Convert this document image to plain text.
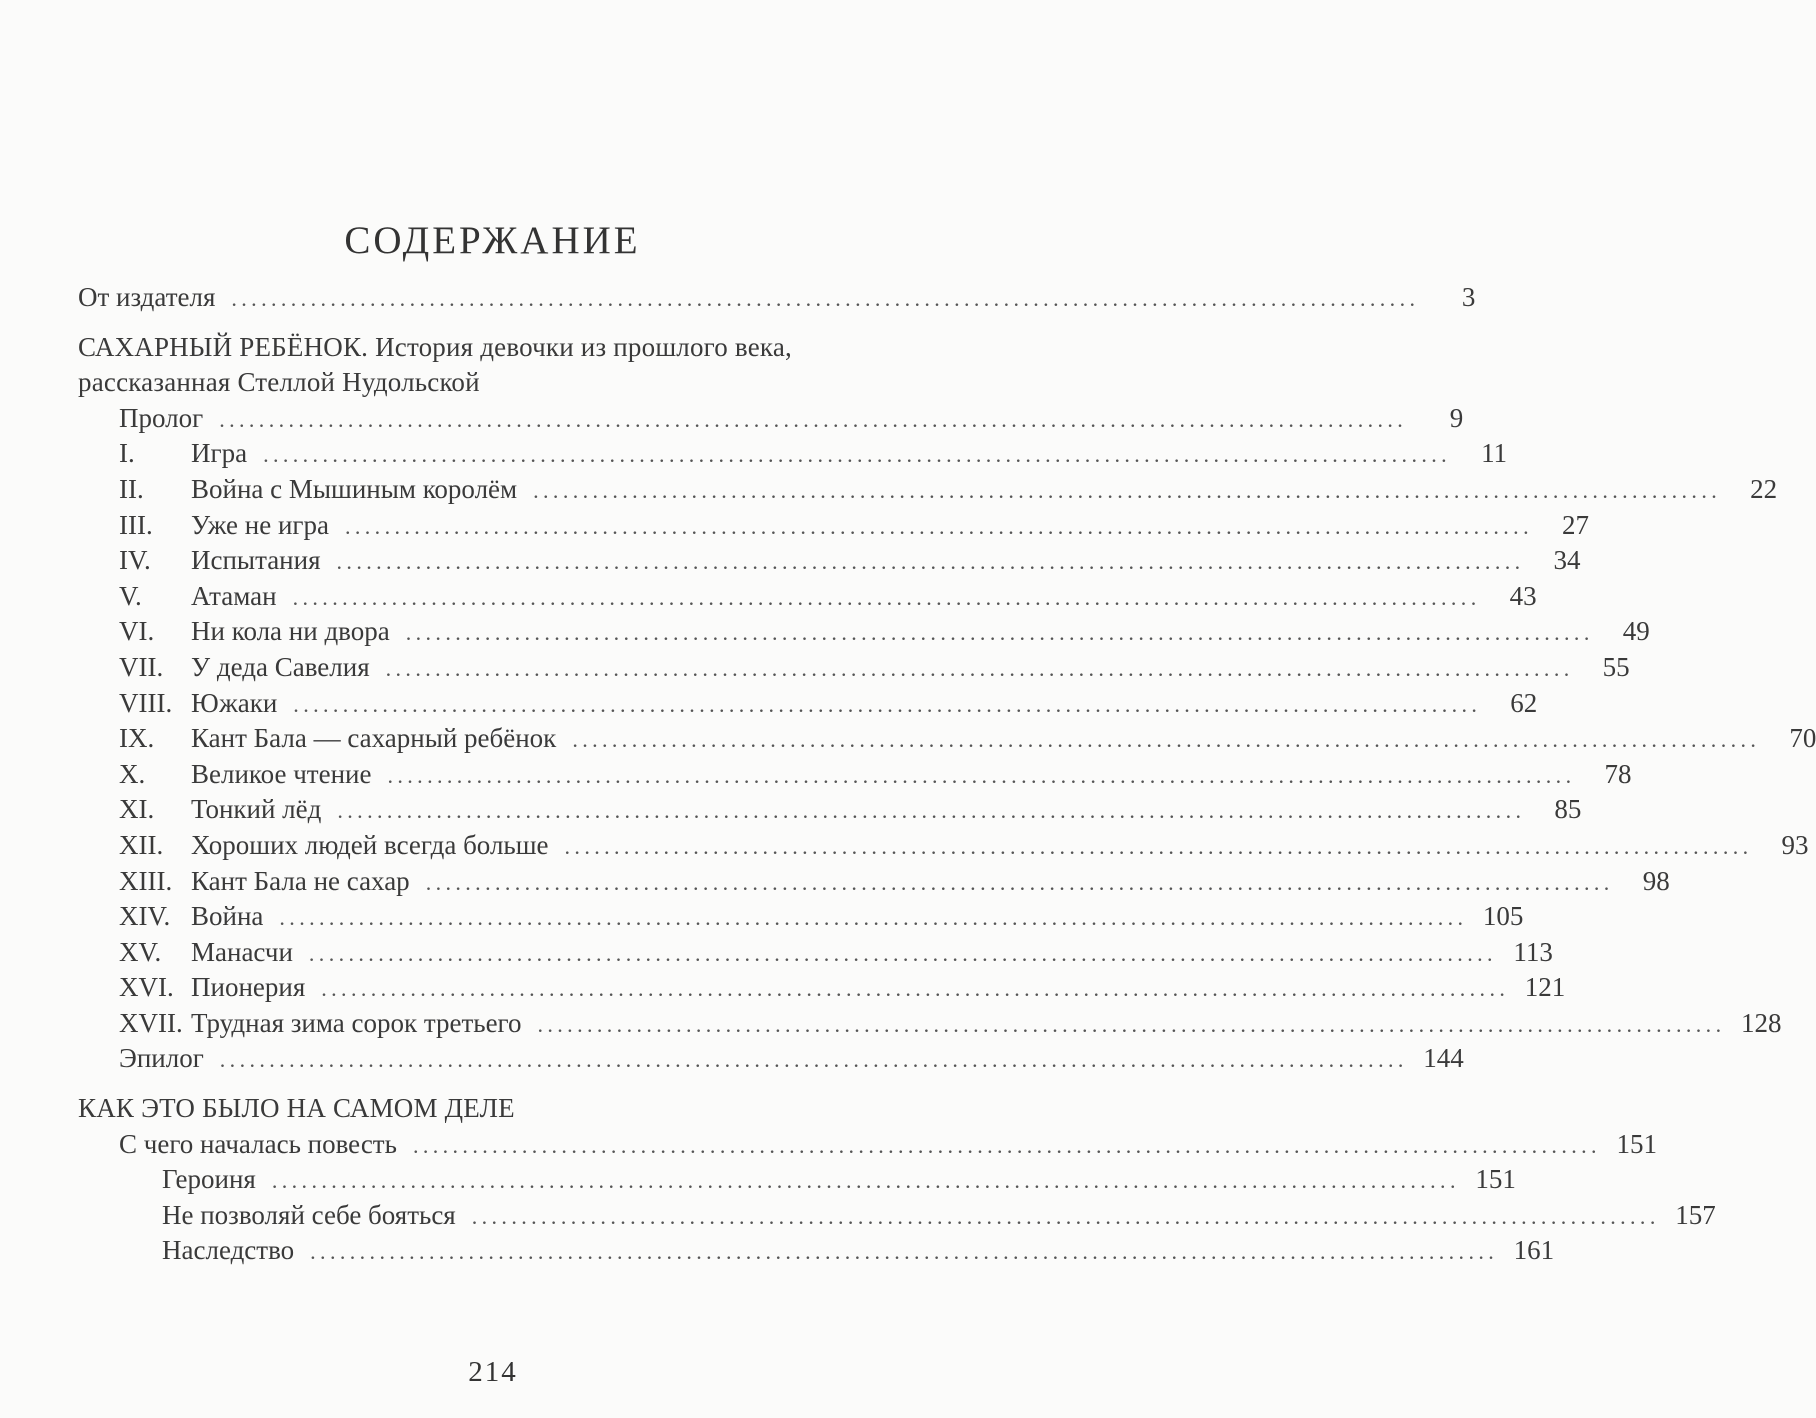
СОДЕРЖАНИЕ
От издателя ........................................................................................................................	3
САХАРНЫЙ РЕБЁНОК. История девочки из прошлого века,
рассказанная Стеллой Нудольской
Пролог ........................................................................................................................	9
I.	Игра ........................................................................................................................	11
II.	Война с Мышиным королём ........................................................................................................................	22
III.	Уже не игра ........................................................................................................................	27
IV.	Испытания ........................................................................................................................	34
V.	Атаман ........................................................................................................................	43
VI.	Ни кола ни двора ........................................................................................................................	49
VII.	У деда Савелия ........................................................................................................................	55
VIII. Южаки ........................................................................................................................	62
IX.	Кант Бала — сахарный ребёнок ........................................................................................................................	70
X.	Великое чтение ........................................................................................................................	78
XI.	Тонкий лёд ........................................................................................................................	85
XII.	Хороших людей всегда больше ........................................................................................................................	93
XIII. Кант Бала не сахар ........................................................................................................................	98
XIV. Война ........................................................................................................................ 105
XV.	Манасчи ........................................................................................................................ 113
XVI. Пионерия ........................................................................................................................ 121
XVII. Трудная зима сорок третьего ........................................................................................................................ 128
Эпилог ........................................................................................................................ 144
КАК ЭТО БЫЛО НА САМОМ ДЕЛЕ
С чего началась повесть ........................................................................................................................ 151
Героиня ........................................................................................................................ 151
Не позволяй себе бояться ........................................................................................................................ 157
Наследство ........................................................................................................................ 161
214
